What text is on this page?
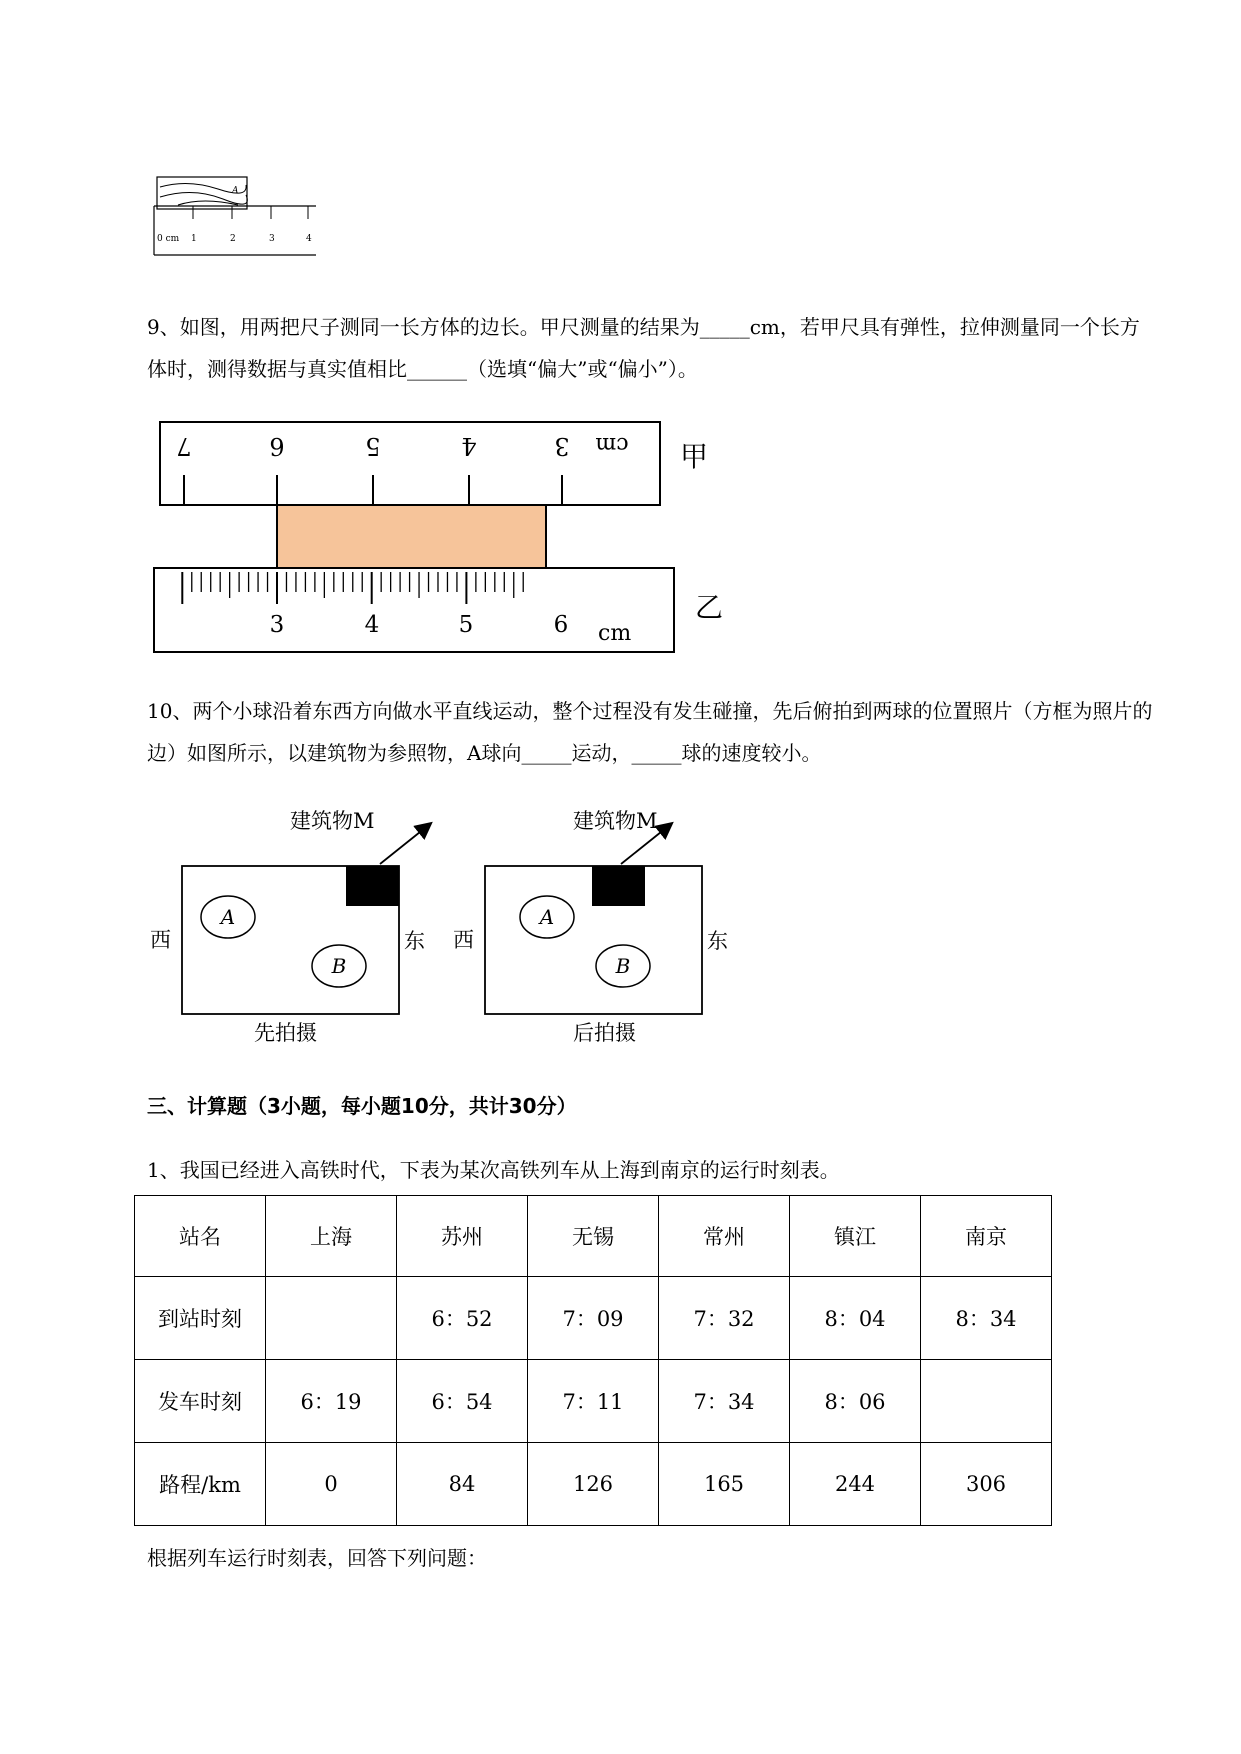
A
0 cm 1	2	3	4
9、如图，用两把尺子测同一长方体的边长。甲尺测量的结果为_____cm，若甲尺具有弹性，拉伸测量同一个长方体时，测得数据与真实值相比______（选填“偏大”或“偏小”）。
7	6	5	4	3 cm 甲
3	4	5	6 cm
乙
10、两个小球沿着东西方向做水平直线运动，整个过程没有发生碰撞，先后俯拍到两球的位置照片（方框为照片的边）如图所示，以建筑物为参照物，A球向_____运动，_____球的速度较小。
建筑物M
A
B
西	东
先拍摄
建筑物M
A
B
西	东
后拍摄
三、计算题（3小题，每小题10分，共计30分）
1、我国已经进入高铁时代，下表为某次高铁列车从上海到南京的运行时刻表。
站名	上海	苏州	无锡	常州	镇江	南京
到站时刻		6：52	7：09	7：32	8：04	8：34
发车时刻	6：19	6：54	7：11	7：34	8：06	
路程/km	0	84	126	165	244	306
根据列车运行时刻表，回答下列问题：
